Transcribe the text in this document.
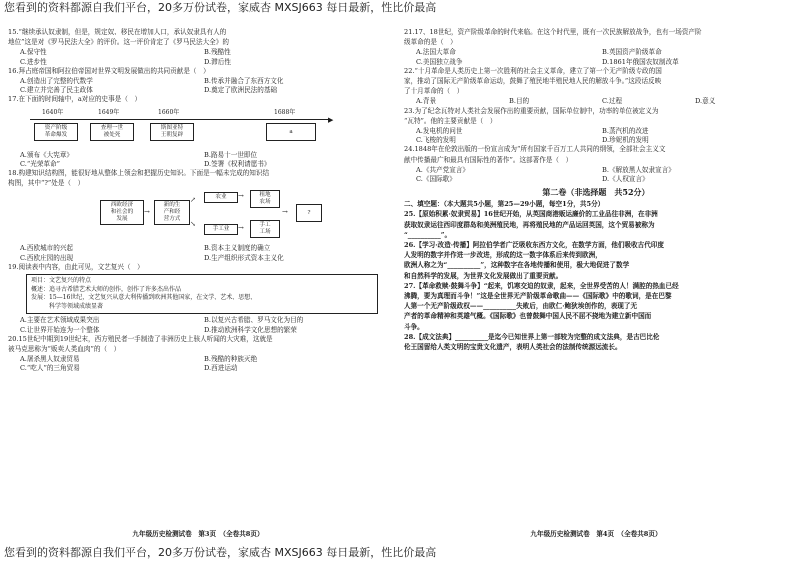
您看到的资料都源自我们平台，20多万份试卷，家威杏 MXSJ663 每日最新，性比价最高
15.“继续承认奴隶制，但是，规定奴、移民在增加人口，承认奴隶具有人的
地位”这是对《罗马民法大全》的评价。这一评价肯定了《罗马民法大全》的
A.保守性	B.残酷性
C.进步性	D.滞后性
16.拜占庭帝国和阿拉伯帝国对世界文明发展做出的共同贡献是（　）
A.创造出了完整的代数学	B.传承并融合了东西方文化
C.建立并完善了民主政体	D.奠定了欧洲民法的基础
17.在下面的时间轴中，a对应的史事是（　）
▶
1640年	1649年	1660年	1688年
资产阶级
革命爆发
查理一世
被处死
斯图亚特
王朝复辟	a
A.颁布《大宪章》	B.路易十一世即位
C.“光荣革命”	D.签署《权利请愿书》
18.构建知识结构图，能很好地从整体上领会和把握历史知识。下面是一幅未完成的知识结
构图，其中“?”处是（　）
西欧经济
和社会的
发展
→
新的生
产和经
营方式
↗
↘
农业	→	租地
农场
手工业	→	手工
工场
→	?
A.西欧城市的兴起	B.资本主义制度的确立
C.西欧庄园的出现	D.生产组织形式资本主义化
19.阅读表中内容，由此可见，文艺复兴（　）
项目：文艺复兴的特点
概述：追寻古希腊艺术大师的创作，创作了许多杰出作品
发展：15—16世纪，文艺复兴从意大利传播到欧洲其他国家，在文学、艺术、思想、
科学等领域成绩显著
A.主要在艺术领域成果突出	B.以复兴古希腊、罗马文化为目的
C.让世界开始连为一个整体	D.推动欧洲科学文化思想的繁荣
20.15世纪中期到19世纪末，西方殖民者一手制造了非洲历史上骇人听闻的大灾难，这就是
被马克思称为“贩卖人类血肉”的（　）
A.屠杀黑人奴隶贸易	B.残酷的种族灭绝
C.“吃人”的三角贸易	D.西进运动
九年级历史检测试卷　第3页　（全卷共8页）
21.17、18世纪，资产阶级革命的时代来临。在这个时代里，既有一次民族解放战争，也有一场资产阶
级革命的是（　）
A.法国大革命	B.英国资产阶级革命
C.美国独立战争	D.1861年俄国农奴制改革
22.“十月革命是人类历史上第一次胜利的社会主义革命，建立了第一个无产阶级专政的国
家，推动了国际无产阶级革命运动，鼓舞了殖民地半殖民地人民的解放斗争。”这段话反映
了十月革命的（　）
A.背景	B.目的	C.过程	D.意义
23.为了纪念瓦特对人类社会发展作出的重要贡献，国际单位制中，功率的单位被定义为
“瓦特”。他的主要贡献是（　）
A.发电机的问世	B.蒸汽机的改进
C.飞梭的发明	D.珍妮机的发明
24.1848年在伦敦出版的一份宣言成为“所有国家千百万工人共同的纲领，全部社会主义文
献中传播最广和最具有国际性的著作”。这部著作是（　）
A.《共产党宣言》	B.《解放黑人奴隶宣言》
C.《国际歌》	D.《人权宣言》
第二卷（非选择题　共52分）
二、填空题：（本大题共5小题，第25—29小题，每空1分，共5分）
25.【原始积累·奴隶贸易】16世纪开始，从英国商港贩运廉价的工业品往非洲，在非洲
获取奴隶运往西印度群岛和美洲殖民地，再将殖民地的产品运回英国，这个贸易被称为
“__________”。
26.【学习·改造·传播】阿拉伯学者广泛吸收东西方文化，在数学方面，他们吸收古代印度
人发明的数字并作进一步改进，形成的这一数字体系后来传到欧洲，
欧洲人称之为“__________”，这种数字在各地传播和使用，极大地促进了数学
和自然科学的发展，为世界文化发展做出了重要贡献。
27.【革命救赎·鼓舞斗争】“起来，饥寒交迫的奴隶，起来，全世界受苦的人！满腔的热血已经
沸腾，要为真理而斗争！”这是全世界无产阶级革命歌曲——《国际歌》中的歌词，是在巴黎
人第一个无产阶级政权——__________失败后，由欧仁·鲍狄埃创作的，表现了无
产者的革命精神和英雄气概。《国际歌》也曾鼓舞中国人民不屈不挠地为建立新中国而
斗争。
28.【成文法典】__________是迄今已知世界上第一部较为完整的成文法典，是古巴比伦
伦王国留给人类文明的宝贵文化遗产，表明人类社会的法制传统源远流长。
九年级历史检测试卷　第4页　（全卷共8页）
您看到的资料都源自我们平台，20多万份试卷，家威杏 MXSJ663 每日最新，性比价最高
